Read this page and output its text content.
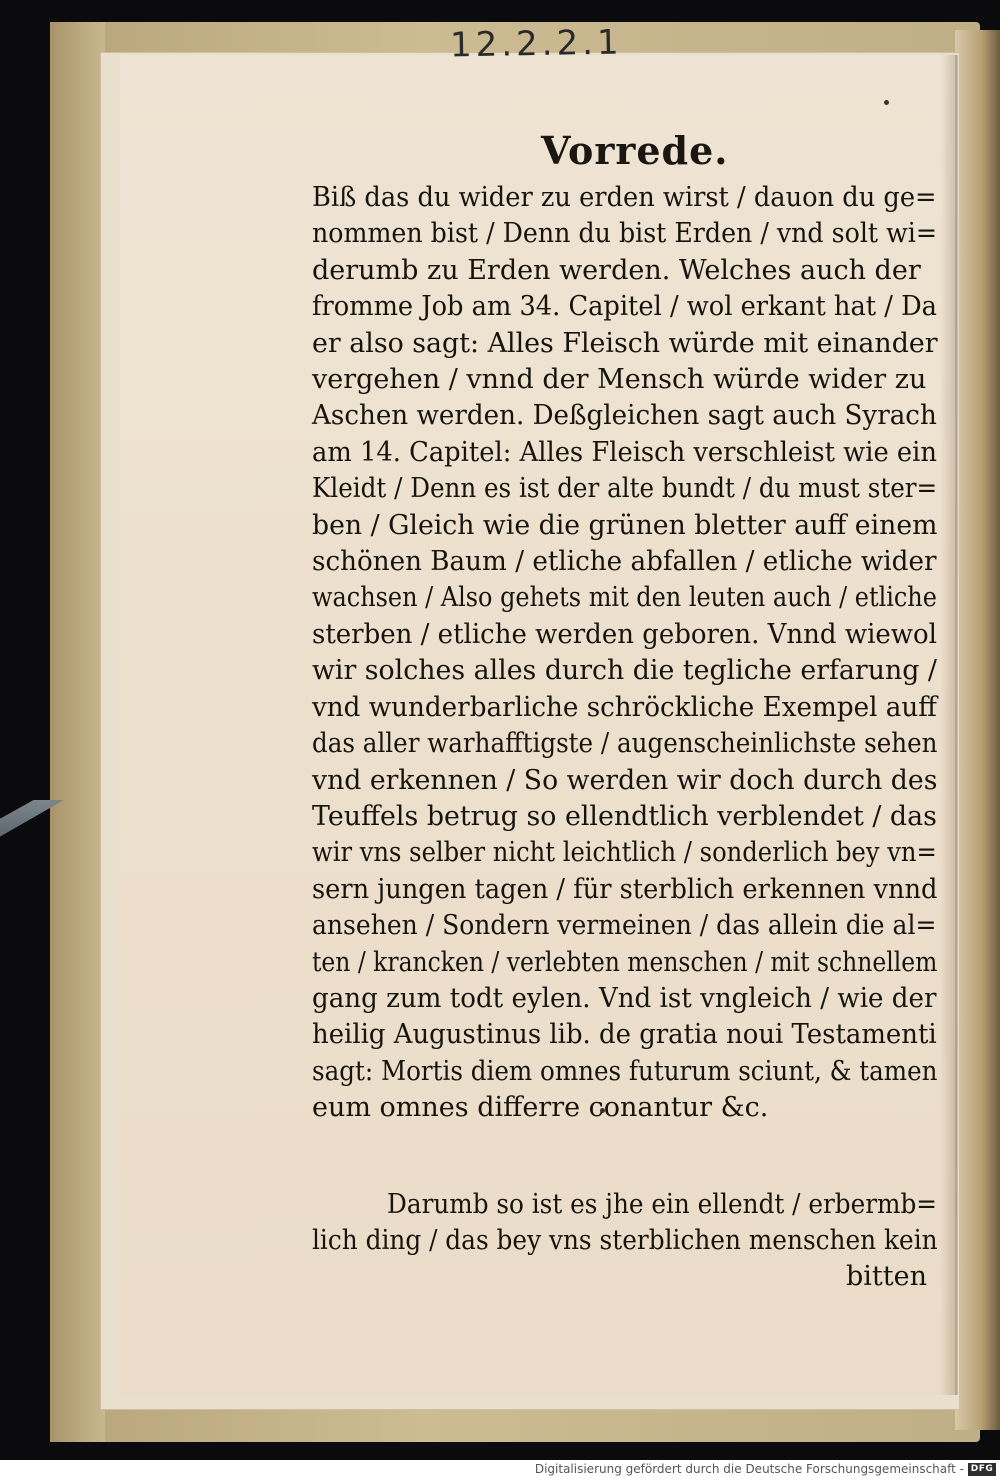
12.2.2.1
Vorrede.
Biß das du wider zu erden wirst / dauon du ge=
nommen bist / Denn du bist Erden / vnd solt wi=
derumb zu Erden werden. Welches auch der
fromme Job am 34. Capitel / wol erkant hat / Da
er also sagt: Alles Fleisch würde mit einander
vergehen / vnnd der Mensch würde wider zu
Aschen werden. Deßgleichen sagt auch Syrach
am 14. Capitel: Alles Fleisch verschleist wie ein
Kleidt / Denn es ist der alte bundt / du must ster=
ben / Gleich wie die grünen bletter auff einem
schönen Baum / etliche abfallen / etliche wider
wachsen / Also gehets mit den leuten auch / etliche
sterben / etliche werden geboren. Vnnd wiewol
wir solches alles durch die tegliche erfarung /
vnd wunderbarliche schröckliche Exempel auff
das aller warhafftigste / augenscheinlichste sehen
vnd erkennen / So werden wir doch durch des
Teuffels betrug so ellendtlich verblendet / das
wir vns selber nicht leichtlich / sonderlich bey vn=
sern jungen tagen / für sterblich erkennen vnnd
ansehen / Sondern vermeinen / das allein die al=
ten / krancken / verlebten menschen / mit schnellem
gang zum todt eylen. Vnd ist vngleich / wie der
heilig Augustinus lib. de gratia noui Testamenti
sagt: Mortis diem omnes futurum sciunt, & tamen
eum omnes differre conantur &c.
Darumb so ist es jhe ein ellendt / erbermb=
lich ding / das bey vns sterblichen menschen kein
bitten
Digitalisierung gefördert durch die Deutsche Forschungsgemeinschaft - DFG
